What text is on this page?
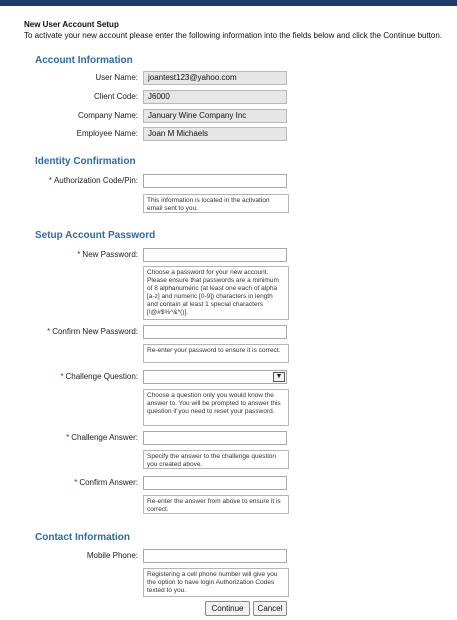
New User Account Setup
To activate your new account please enter the following information into the fields below and click the Continue button.
Account Information
User Name:	joantest123@yahoo.com
Client Code:	J6000
Company Name:	January Wine Company Inc
Employee Name:	Joan M Michaels
Identity Confirmation
* Authorization Code/Pin:
This information is located in the activation email sent to you.
Setup Account Password
* New Password:
Choose a password for your new account. Please ensure that passwords are a minimum of 8 alphanumeric (at least one each of alpha [a-z] and numeric [0-9]) characters in length and contain at least 1 special characters [!@#$%^&*()].
* Confirm New Password:
Re-enter your password to ensure it is correct.
* Challenge Question:	▼
Choose a question only you would know the answer to. You will be prompted to answer this question if you need to reset your password.
* Challenge Answer:
Specify the answer to the challenge question you created above.
* Confirm Answer:
Re-enter the answer from above to ensure it is correct.
Contact Information
Mobile Phone:
Registering a cell phone number will give you the option to have login Authorization Codes texted to you.
Continue	Cancel
